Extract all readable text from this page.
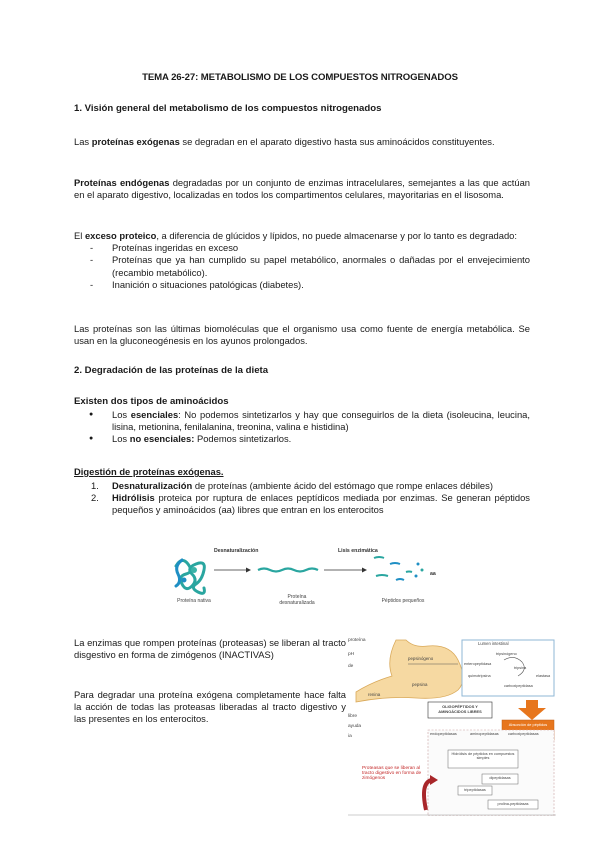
TEMA 26-27: METABOLISMO DE LOS COMPUESTOS NITROGENADOS
1. Visión general del metabolismo de los compuestos nitrogenados
Las proteínas exógenas se degradan en el aparato digestivo hasta sus aminoácidos constituyentes.
Proteínas endógenas degradadas por un conjunto de enzimas intracelulares, semejantes a las que actúan en el aparato digestivo, localizadas en todos los compartimentos celulares, mayoritarias en el lisosoma.
El exceso proteico, a diferencia de glúcidos y lípidos, no puede almacenarse y por lo tanto es degradado:
- Proteínas ingeridas en exceso
- Proteínas que ya han cumplido su papel metabólico, anormales o dañadas por el envejecimiento (recambio metabólico).
- Inanición o situaciones patológicas (diabetes).
Las proteínas son las últimas biomoléculas que el organismo usa como fuente de energía metabólica. Se usan en la gluconeogénesis en los ayunos prolongados.
2. Degradación de las proteínas de la dieta
Existen dos tipos de aminoácidos
● Los esenciales: No podemos sintetizarlos y hay que conseguirlos de la dieta (isoleucina, leucina, lisina, metionina, fenilalanina, treonina, valina e histidina)
● Los no esenciales: Podemos sintetizarlos.
Digestión de proteínas exógenas.
1. Desnaturalización de proteínas (ambiente ácido del estómago que rompe enlaces débiles)
2. Hidrólisis proteica por ruptura de enlaces peptídicos mediada por enzimas. Se generan péptidos pequeños y aminoácidos (aa) libres que entran en los enterocitos
Desnaturalización	Lisis enzimática
aa
Proteína nativa
Proteína
desnaturalizada	Péptidos pequeños
La enzimas que rompen proteínas (proteasas) se liberan al tracto disgestivo en forma de zimógenos (INACTIVAS)
Para degradar una proteína exógena completamente hace falta la acción de todas las proteasas liberadas al tracto digestivo y las presentes en los enterocitos.
proteína
pH
de
libre
ayuda
ia
pepsinógeno
pepsina
renina
Lumen intestinal
tripsinógeno
enteropeptidasa
tripsina
quimotripsina	elastasa
carboxipeptidasa
OLIGOPÉPTIDOS Y AMINOÁCIDOS LIBRES
Absorción de péptidos
endopeptidasas	aminopeptidasas carboxipeptidasas
Hidrólisis de péptidos en compuestos simples
dipeptidasas
tripeptidasas
prolina-peptidasas
Proteasas que se liberan al tracto digestivo en forma de zimógenos
